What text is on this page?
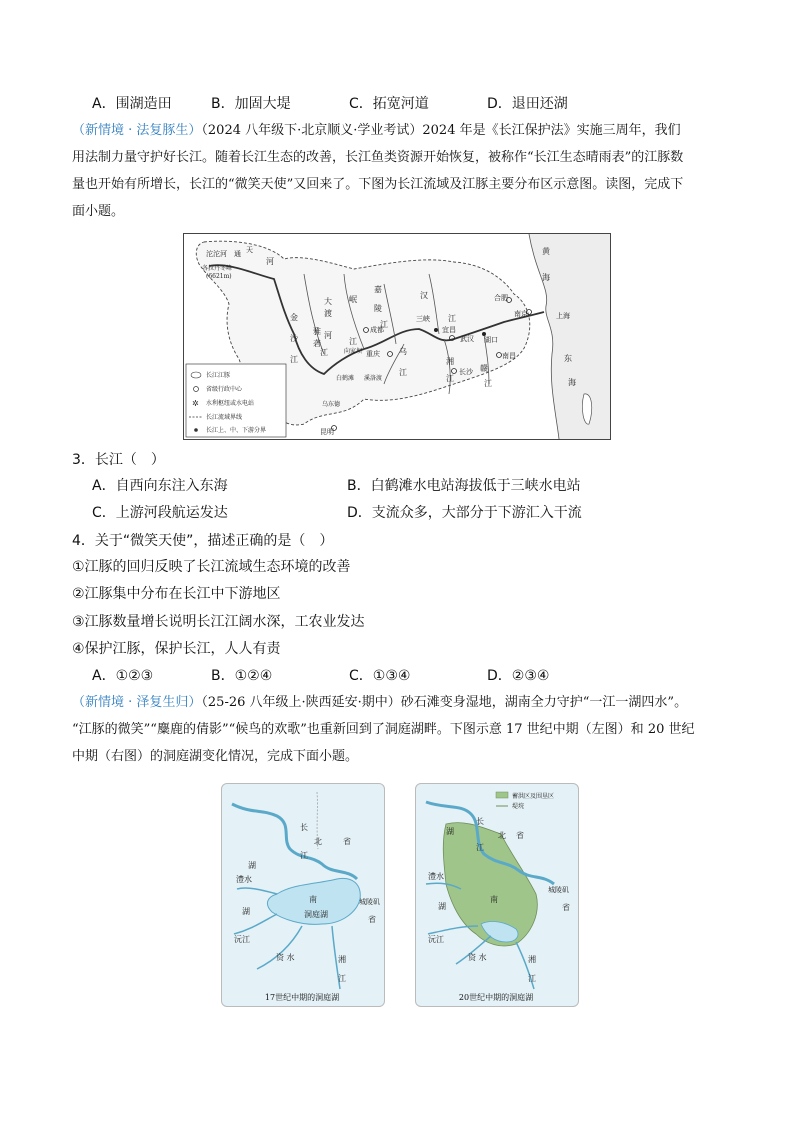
A．围湖造田	B．加固大堤	C．拓宽河道	D．退田还湖
（新情境 · 法复豚生）（2024 八年级下·北京顺义·学业考试）2024 年是《长江保护法》实施三周年，我们
用法制力量守护好长江。随着长江生态的改善，长江鱼类资源开始恢复，被称作“长江生态晴雨表”的江豚数
量也开始有所增长，长江的“微笑天使”又回来了。下图为长江流域及江豚主要分布区示意图。读图，完成下
面小题。
长江江豚
省级行政中心
水利枢纽或水电站
长江流域界线
长江上、中、下游分界
✲
沱沱河 通 天
河
各拉丹冬峰
(6621m)
金
沙
江
雅
砻
江
大
渡
河
岷
江
嘉
陵
江
乌
江
汉
江
湘
江
赣
江
成都
重庆
武汉
宜昌
长沙
南昌
合肥
南京	上海
昆明
三峡
湖口
向家坝
白鹤滩 溪洛渡
乌东德
黄
海
东
海
3．长江（　）
A．自西向东注入东海	B．白鹤滩水电站海拔低于三峡水电站
C．上游河段航运发达	D．支流众多，大部分于下游汇入干流
4．关于“微笑天使”，描述正确的是（　）
①江豚的回归反映了长江流域生态环境的改善
②江豚集中分布在长江中下游地区
③江豚数量增长说明长江江阔水深，工农业发达
④保护江豚，保护长江，人人有责
A．①②③	B．①②④	C．①③④	D．②③④
（新情境 · 泽复生归）（25-26 八年级上·陕西延安·期中）砂石滩变身湿地，湖南全力守护“一江一湖四水”。
“江豚的微笑”“麋鹿的倩影”“候鸟的欢歌”也重新回到了洞庭湖畔。下图示意 17 世纪中期（左图）和 20 世纪
中期（右图）的洞庭湖变化情况，完成下面小题。
长
江
湖
北	省
澧水
湖
南
洞庭湖
城陵矶
省
沅江
资 水	湘
江
17世纪中期的洞庭湖
蓄洪区及围垦区
堤垸
长
江
湖	北 省
澧水
湖
南
城陵矶
省
沅江
资 水	湘
江
20世纪中期的洞庭湖
